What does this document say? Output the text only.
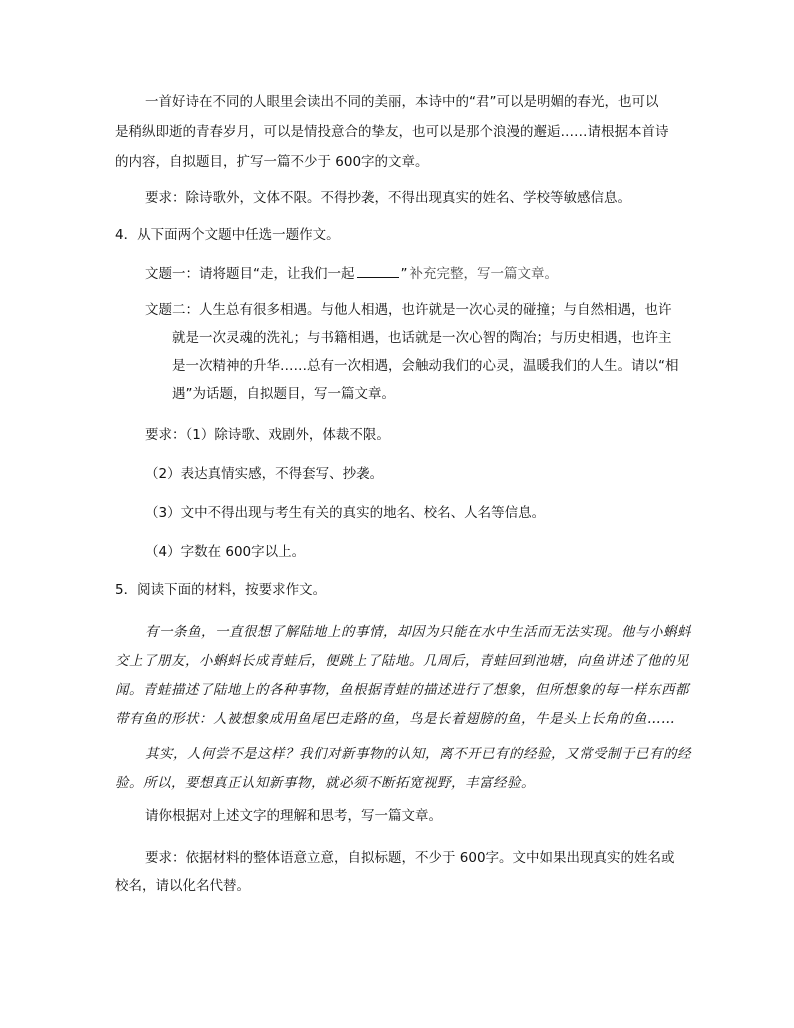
一首好诗在不同的人眼里会读出不同的美丽，本诗中的“君”可以是明媚的春光，也可以
是稍纵即逝的青春岁月，可以是情投意合的挚友，也可以是那个浪漫的邂逅……请根据本首诗
的内容，自拟题目，扩写一篇不少于 600字的文章。
要求：除诗歌外，文体不限。不得抄袭，不得出现真实的姓名、学校等敏感信息。
4．从下面两个文题中任选一题作文。
文题一：请将题目“走，让我们一起	” 补充完整，写一篇文章。
文题二：人生总有很多相遇。与他人相遇，也许就是一次心灵的碰撞；与自然相遇，也许
就是一次灵魂的洗礼；与书籍相遇，也话就是一次心智的陶冶；与历史相遇，也许主
是一次精神的升华……总有一次相遇，会触动我们的心灵，温暖我们的人生。请以“相
遇”为话题，自拟题目，写一篇文章。
要求：（1）除诗歌、戏剧外，体裁不限。
（2）表达真情实感，不得套写、抄袭。
（3）文中不得出现与考生有关的真实的地名、校名、人名等信息。
（4）字数在 600字以上。
5．阅读下面的材料，按要求作文。
有一条鱼，一直很想了解陆地上的事情，却因为只能在水中生活而无法实现。他与小蝌蚪
交上了朋友，小蝌蚪长成青蛙后，便跳上了陆地。几周后，青蛙回到池塘，向鱼讲述了他的见
闻。青蛙描述了陆地上的各种事物，鱼根据青蛙的描述进行了想象，但所想象的每一样东西都
带有鱼的形状：人被想象成用鱼尾巴走路的鱼，鸟是长着翅膀的鱼，牛是头上长角的鱼……
其实，人何尝不是这样？我们对新事物的认知，离不开已有的经验，又常受制于已有的经
验。所以，要想真正认知新事物，就必须不断拓宽视野，丰富经验。
请你根据对上述文字的理解和思考，写一篇文章。
要求：依据材料的整体语意立意，自拟标题，不少于 600字。文中如果出现真实的姓名或
校名，请以化名代替。
